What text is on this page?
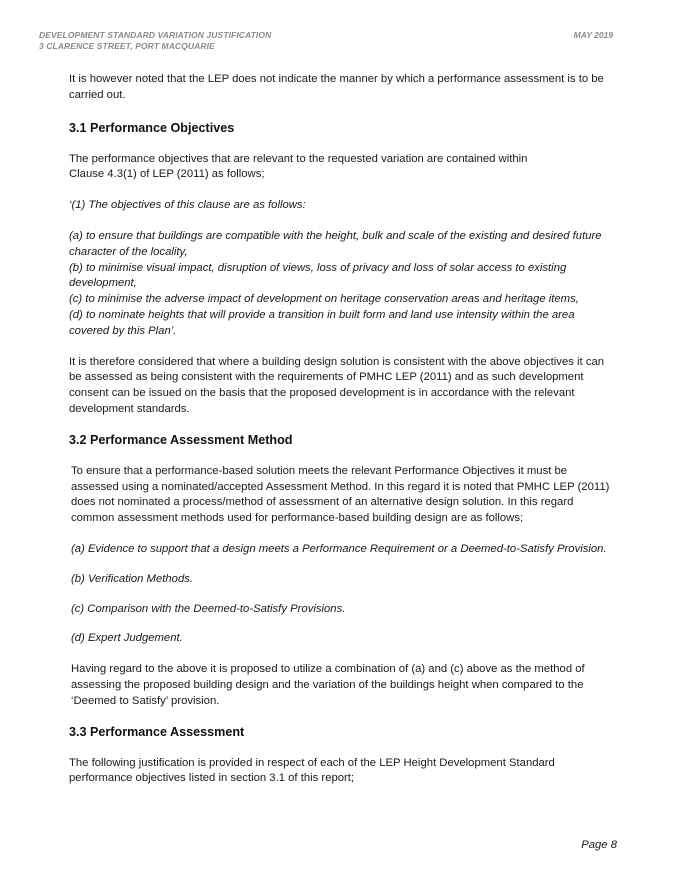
DEVELOPMENT STANDARD VARIATION JUSTIFICATION
3 CLARENCE STREET, PORT MACQUARIE
MAY 2019

It is however noted that the LEP does not indicate the manner by which a performance assessment is to be carried out.

3.1 Performance Objectives

The performance objectives that are relevant to the requested variation are contained within
Clause 4.3(1) of LEP (2011) as follows;

‘(1) The objectives of this clause are as follows:

(a) to ensure that buildings are compatible with the height, bulk and scale of the existing and desired future character of the locality,

(b) to minimise visual impact, disruption of views, loss of privacy and loss of solar access to existing development,

(c) to minimise the adverse impact of development on heritage conservation areas and heritage items,

(d) to nominate heights that will provide a transition in built form and land use intensity within the area covered by this Plan’.

It is therefore considered that where a building design solution is consistent with the above objectives it can be assessed as being consistent with the requirements of PMHC LEP (2011) and as such development consent can be issued on the basis that the proposed development is in accordance with the relevant development standards.

3.2 Performance Assessment Method

To ensure that a performance-based solution meets the relevant Performance Objectives it must be assessed using a nominated/accepted Assessment Method. In this regard it is noted that PMHC LEP (2011) does not nominated a process/method of assessment of an alternative design solution. In this regard common assessment methods used for performance-based building design are as follows;

(a) Evidence to support that a design meets a Performance Requirement or a Deemed-to-Satisfy Provision.

(b) Verification Methods.

(c) Comparison with the Deemed-to-Satisfy Provisions.

(d) Expert Judgement.

Having regard to the above it is proposed to utilize a combination of (a) and (c) above as the method of assessing the proposed building design and the variation of the buildings height when compared to the ‘Deemed to Satisfy’ provision.

3.3 Performance Assessment

The following justification is provided in respect of each of the LEP Height Development Standard
performance objectives listed in section 3.1 of this report;

Page 8
